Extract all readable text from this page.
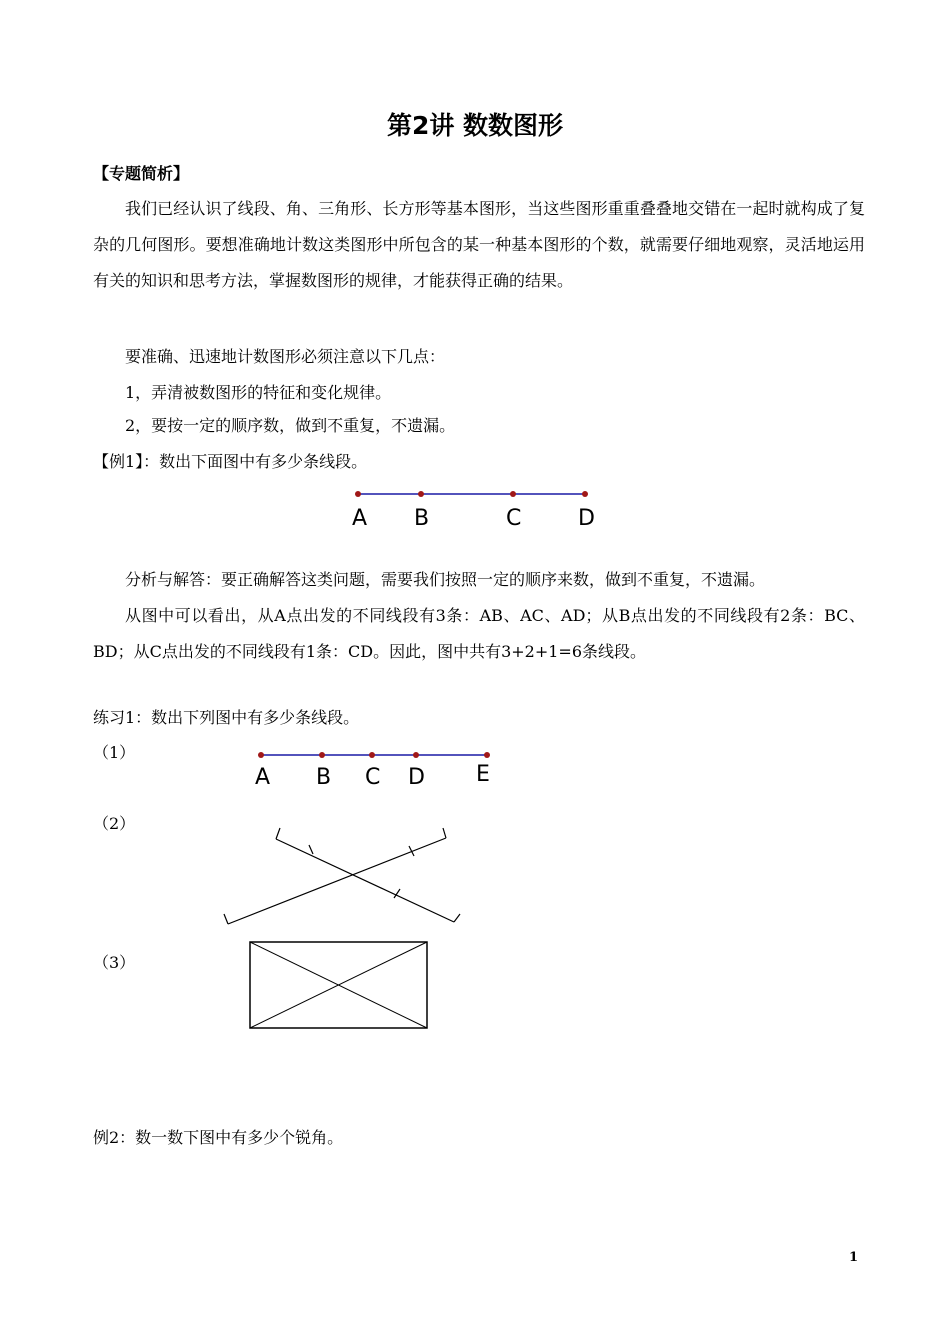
第2讲 数数图形
【专题简析】
我们已经认识了线段、角、三角形、长方形等基本图形，当这些图形重重叠叠地交错在一起时就构成了复杂的几何图形。要想准确地计数这类图形中所包含的某一种基本图形的个数，就需要仔细地观察，灵活地运用有关的知识和思考方法，掌握数图形的规律，才能获得正确的结果。
要准确、迅速地计数图形必须注意以下几点：
1，弄清被数图形的特征和变化规律。
2，要按一定的顺序数，做到不重复，不遗漏。
【例1】：数出下面图中有多少条线段。
A B	C	D
分析与解答：要正确解答这类问题，需要我们按照一定的顺序来数，做到不重复，不遗漏。
从图中可以看出，从A点出发的不同线段有3条：AB、AC、AD；从B点出发的不同线段有2条：BC、BD；从C点出发的不同线段有1条：CD。因此，图中共有3+2+1=6条线段。
练习1：数出下列图中有多少条线段。
（1）
（2）
（3）
A B C D E
例2：数一数下图中有多少个锐角。
1
